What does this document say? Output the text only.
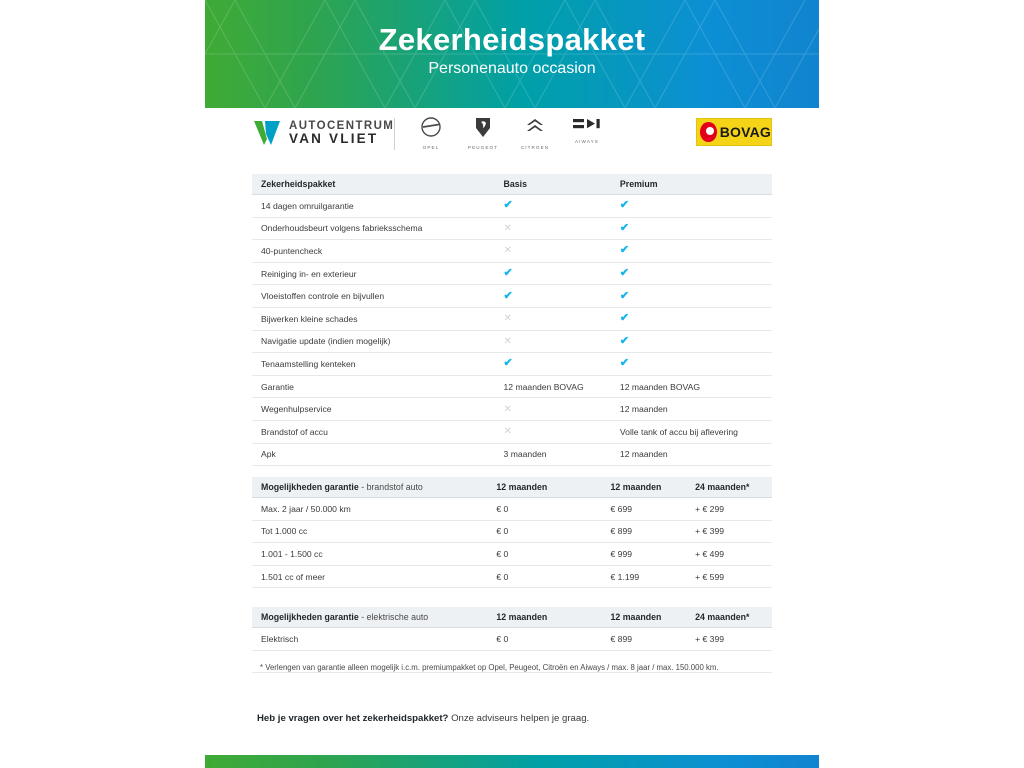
Zekerheidspakket
Personenauto occasion
AUTOCENTRUM
VAN VLIET
OPEL	PEUGEOT	CITROEN
AIWAYS
BOVAG
Zekerheidspakket	Basis	Premium
14 dagen omruilgarantie	✔	✔
Onderhoudsbeurt volgens fabrieksschema	✕	✔
40-puntencheck	✕	✔
Reiniging in- en exterieur	✔	✔
Vloeistoffen controle en bijvullen	✔	✔
Bijwerken kleine schades	✕	✔
Navigatie update (indien mogelijk)	✕	✔
Tenaamstelling kenteken	✔	✔
Garantie	12 maanden BOVAG	12 maanden BOVAG
Wegenhulpservice	✕	12 maanden
Brandstof of accu	✕	Volle tank of accu bij aflevering
Apk	3 maanden	12 maanden

Mogelijkheden garantie - brandstof auto	12 maanden	12 maanden	24 maanden*
Max. 2 jaar / 50.000 km	€ 0	€ 699	+ € 299
Tot 1.000 cc	€ 0	€ 899	+ € 399
1.001 - 1.500 cc	€ 0	€ 999	+ € 499
1.501 cc of meer	€ 0	€ 1.199	+ € 599

Mogelijkheden garantie - elektrische auto	12 maanden	12 maanden	24 maanden*
Elektrisch	€ 0	€ 899	+ € 399

* Verlengen van garantie alleen mogelijk i.c.m. premiumpakket op Opel, Peugeot, Citroën en Aiways / max. 8 jaar / max. 150.000 km.
Heb je vragen over het zekerheidspakket? Onze adviseurs helpen je graag.
